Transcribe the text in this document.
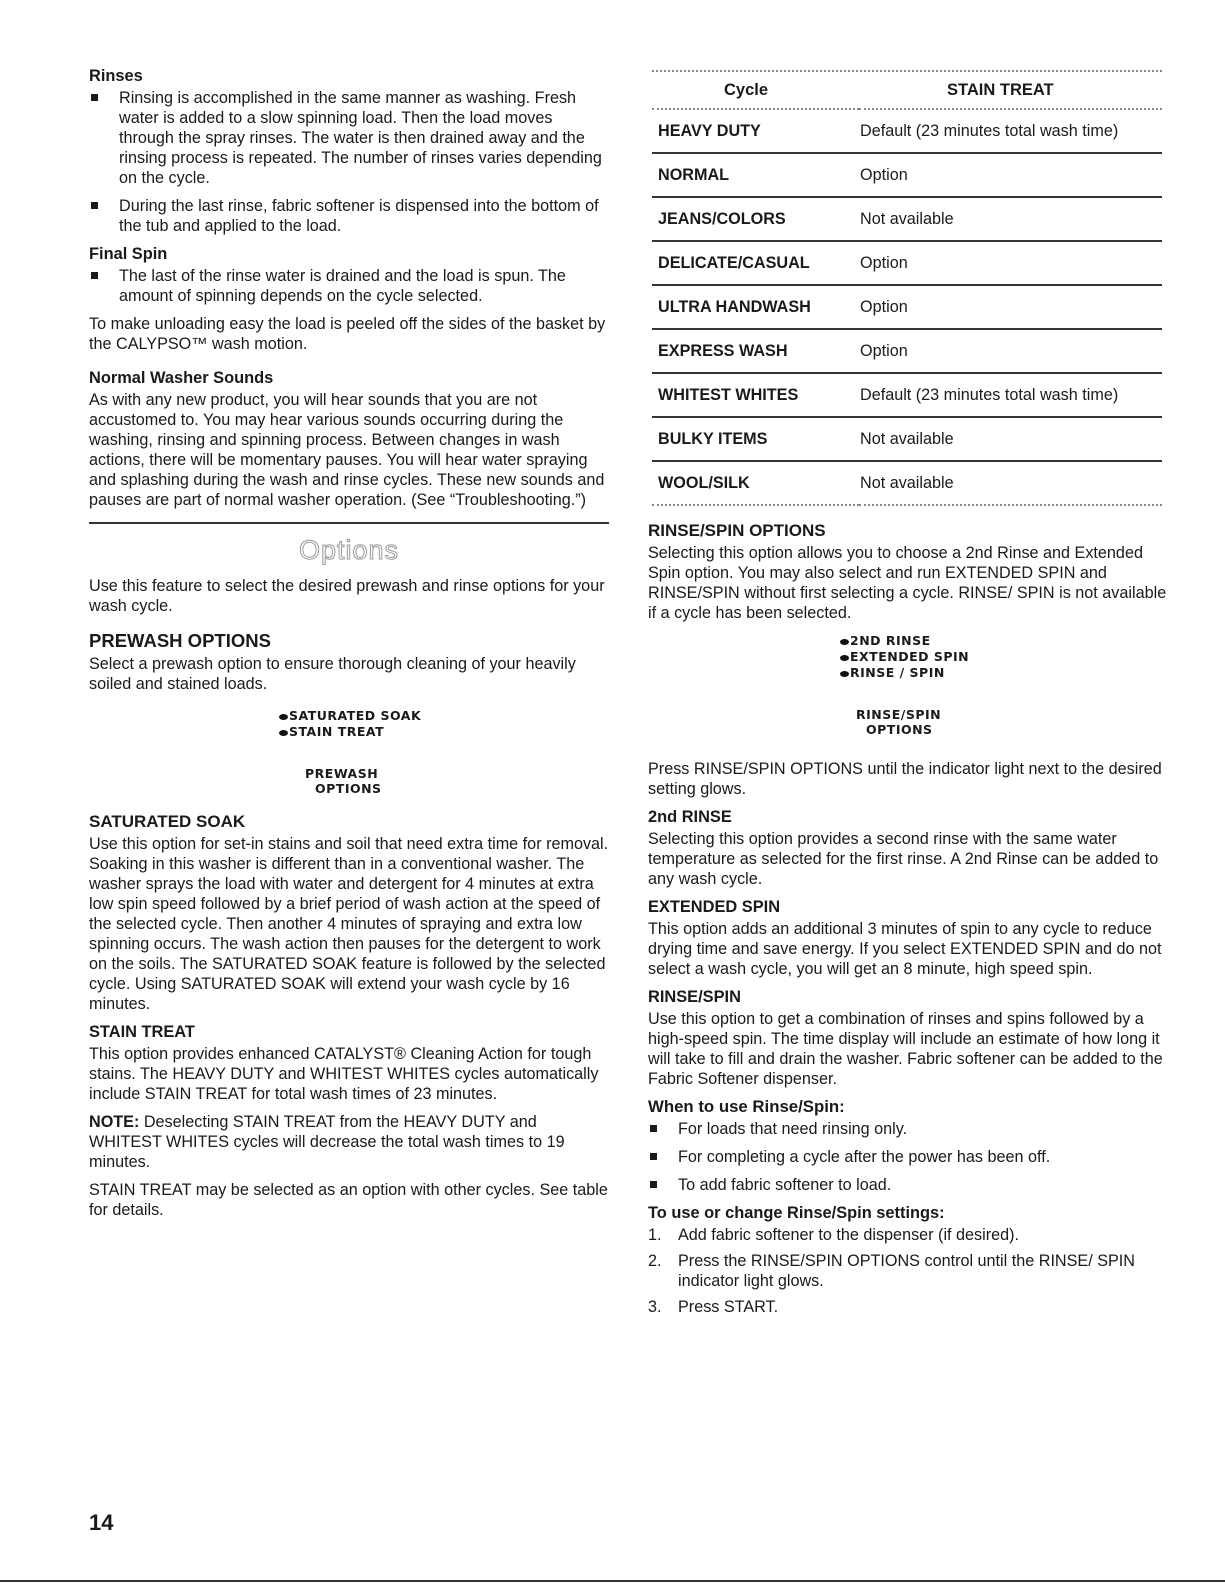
Rinses
Rinsing is accomplished in the same manner as washing. Fresh water is added to a slow spinning load. Then the load moves through the spray rinses. The water is then drained away and the rinsing process is repeated. The number of rinses varies depending on the cycle.
During the last rinse, fabric softener is dispensed into the bottom of the tub and applied to the load.
Final Spin
The last of the rinse water is drained and the load is spun. The amount of spinning depends on the cycle selected.

To make unloading easy the load is peeled off the sides of the basket by the CALYPSO™ wash motion.

Normal Washer Sounds

As with any new product, you will hear sounds that you are not accustomed to. You may hear various sounds occurring during the washing, rinsing and spinning process. Between changes in wash actions, there will be momentary pauses. You will hear water spraying and splashing during the wash and rinse cycles. These new sounds and pauses are part of normal washer operation. (See “Troubleshooting.”)

Options

Use this feature to select the desired prewash and rinse options for your wash cycle.

PREWASH OPTIONS

Select a prewash option to ensure thorough cleaning of your heavily soiled and stained loads.

SATURATED SOAK
STAIN TREAT
PREWASH
OPTIONS
SATURATED SOAK

Use this option for set-in stains and soil that need extra time for removal. Soaking in this washer is different than in a conventional washer. The washer sprays the load with water and detergent for 4 minutes at extra low spin speed followed by a brief period of wash action at the speed of the selected cycle. Then another 4 minutes of spraying and extra low spinning occurs. The wash action then pauses for the detergent to work on the soils. The SATURATED SOAK feature is followed by the selected cycle. Using SATURATED SOAK will extend your wash cycle by 16 minutes.

STAIN TREAT

This option provides enhanced CATALYST® Cleaning Action for tough stains. The HEAVY DUTY and WHITEST WHITES cycles automatically include STAIN TREAT for total wash times of 23 minutes.

NOTE: Deselecting STAIN TREAT from the HEAVY DUTY and WHITEST WHITES cycles will decrease the total wash times to 19 minutes.

STAIN TREAT may be selected as an option with other cycles. See table for details.

Cycle	STAIN TREAT
HEAVY DUTY	Default (23 minutes total wash time)
NORMAL	Option
JEANS/COLORS	Not available
DELICATE/CASUAL	Option
ULTRA HANDWASH	Option
EXPRESS WASH	Option
WHITEST WHITES	Default (23 minutes total wash time)
BULKY ITEMS	Not available
WOOL/SILK	Not available
RINSE/SPIN OPTIONS

Selecting this option allows you to choose a 2nd Rinse and Extended Spin option. You may also select and run EXTENDED SPIN and RINSE/SPIN without first selecting a cycle. RINSE/ SPIN is not available if a cycle has been selected.

2ND RINSE
EXTENDED SPIN
RINSE / SPIN
RINSE/SPIN
OPTIONS

Press RINSE/SPIN OPTIONS until the indicator light next to the desired setting glows.

2nd RINSE

Selecting this option provides a second rinse with the same water temperature as selected for the first rinse. A 2nd Rinse can be added to any wash cycle.

EXTENDED SPIN

This option adds an additional 3 minutes of spin to any cycle to reduce drying time and save energy. If you select EXTENDED SPIN and do not select a wash cycle, you will get an 8 minute, high speed spin.

RINSE/SPIN

Use this option to get a combination of rinses and spins followed by a high-speed spin. The time display will include an estimate of how long it will take to fill and drain the washer. Fabric softener can be added to the Fabric Softener dispenser.

When to use Rinse/Spin:
For loads that need rinsing only.
For completing a cycle after the power has been off.
To add fabric softener to load.
To use or change Rinse/Spin settings:
1. Add fabric softener to the dispenser (if desired).
2. Press the RINSE/SPIN OPTIONS control until the RINSE/ SPIN indicator light glows.
3. Press START.
14
